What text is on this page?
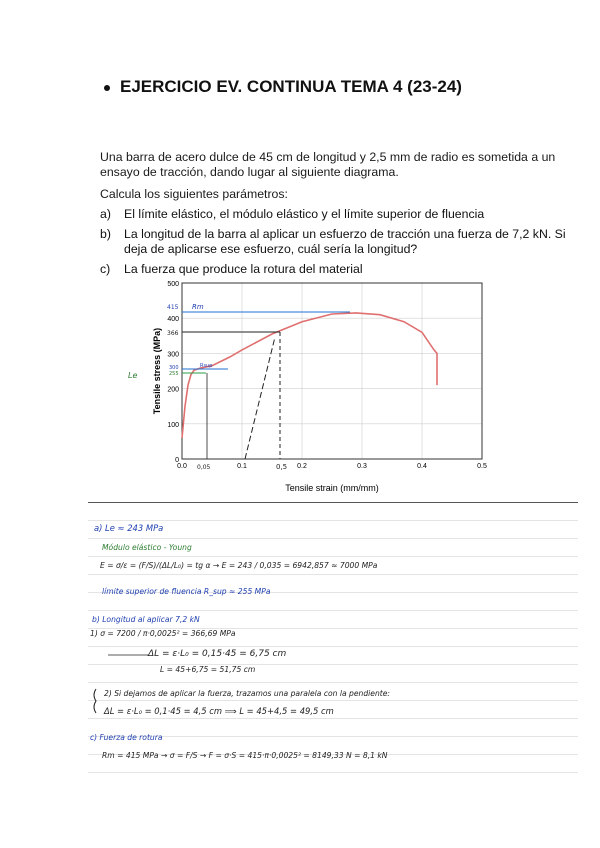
EJERCICIO EV. CONTINUA TEMA 4 (23-24)
Una barra de acero dulce de 45 cm de longitud y 2,5 mm de radio es sometida a un ensayo de tracción, dando lugar al siguiente diagrama.
Calcula los siguientes parámetros:
a) El límite elástico, el módulo elástico y el límite superior de fluencia
b) La longitud de la barra al aplicar un esfuerzo de tracción una fuerza de 7,2 kN. Si deja de aplicarse ese esfuerzo, cuál sería la longitud?
c) La fuerza que produce la rotura del material
0
100
200
300
400
500
0.0	0.1	0.2	0.3	0.4	0.5
415 Rm
366
300
255
Le
Rsup
0,5
0,05
Tensile strain (mm/mm)
Tensile stress (MPa)
a) Le ≈ 243 MPa
Módulo elástico - Young
E = σ/ε = (F/S)/(ΔL/L₀) = tg α → E = 243 / 0,035 = 6942,857 ≈ 7000 MPa
límite superior de fluencia R_sup ≈ 255 MPa
b) Longitud al aplicar 7,2 kN
1) σ = 7200 / π·0,0025² = 366,69 MPa
ΔL = ε·L₀ = 0,15·45 = 6,75 cm
L = 45+6,75 = 51,75 cm
2) Si dejamos de aplicar la fuerza, trazamos una paralela con la pendiente:
ΔL = ε·L₀ = 0,1·45 = 4,5 cm ⟹ L = 45+4,5 = 49,5 cm
c) Fuerza de rotura
Rm = 415 MPa → σ = F/S → F = σ·S = 415·π·0,0025² = 8149,33 N = 8,1 kN
